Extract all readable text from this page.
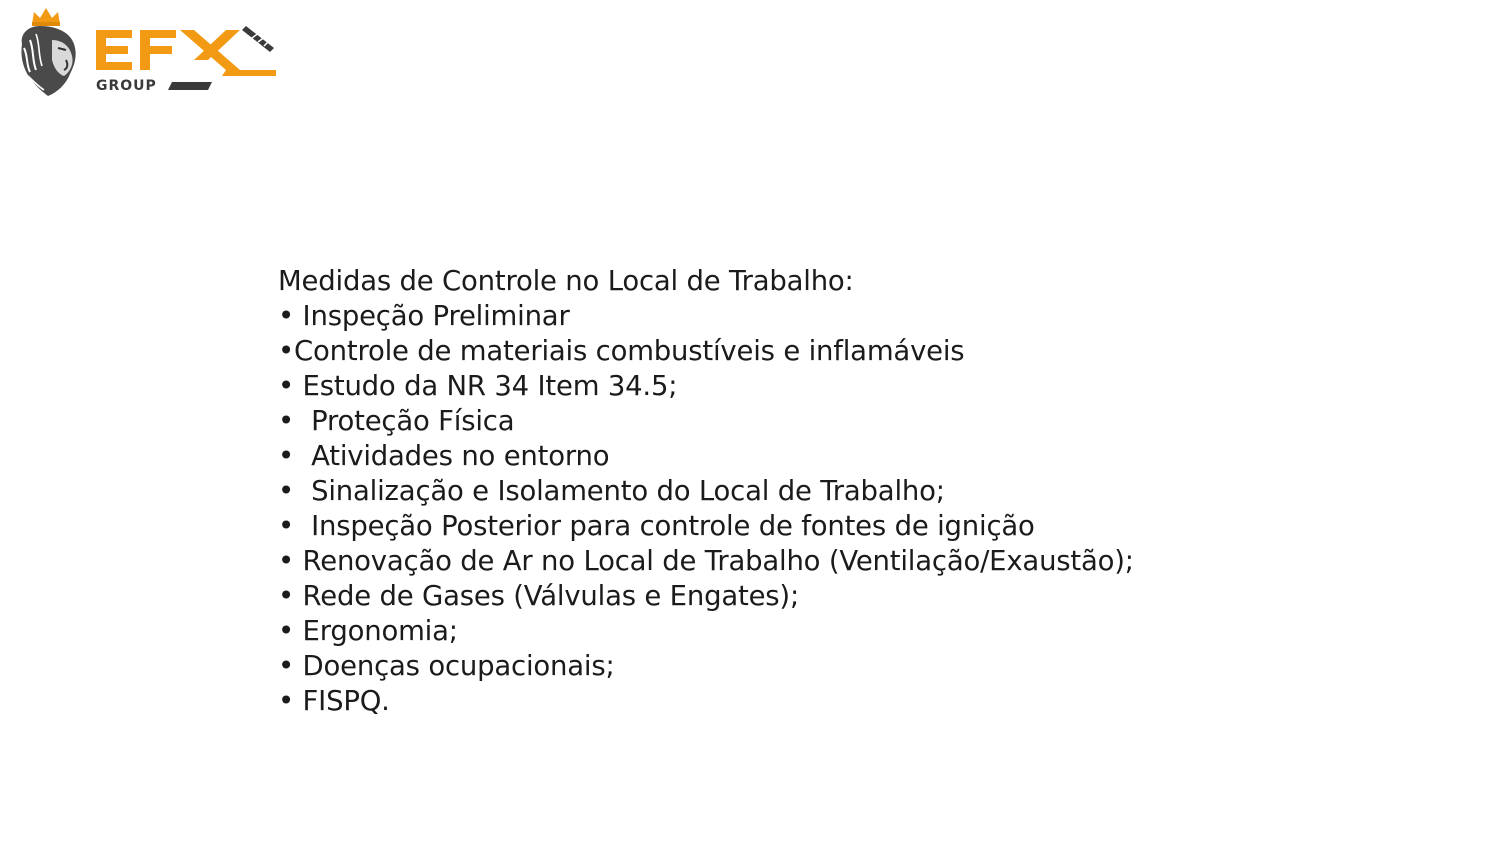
GROUP
Medidas de Controle no Local de Trabalho:
• Inspeção Preliminar
•Controle de materiais combustíveis e inflamáveis
• Estudo da NR 34 Item 34.5;
•  Proteção Física
•  Atividades no entorno
•  Sinalização e Isolamento do Local de Trabalho;
•  Inspeção Posterior para controle de fontes de ignição
• Renovação de Ar no Local de Trabalho (Ventilação/Exaustão);
• Rede de Gases (Válvulas e Engates);
• Ergonomia;
• Doenças ocupacionais;
• FISPQ.
